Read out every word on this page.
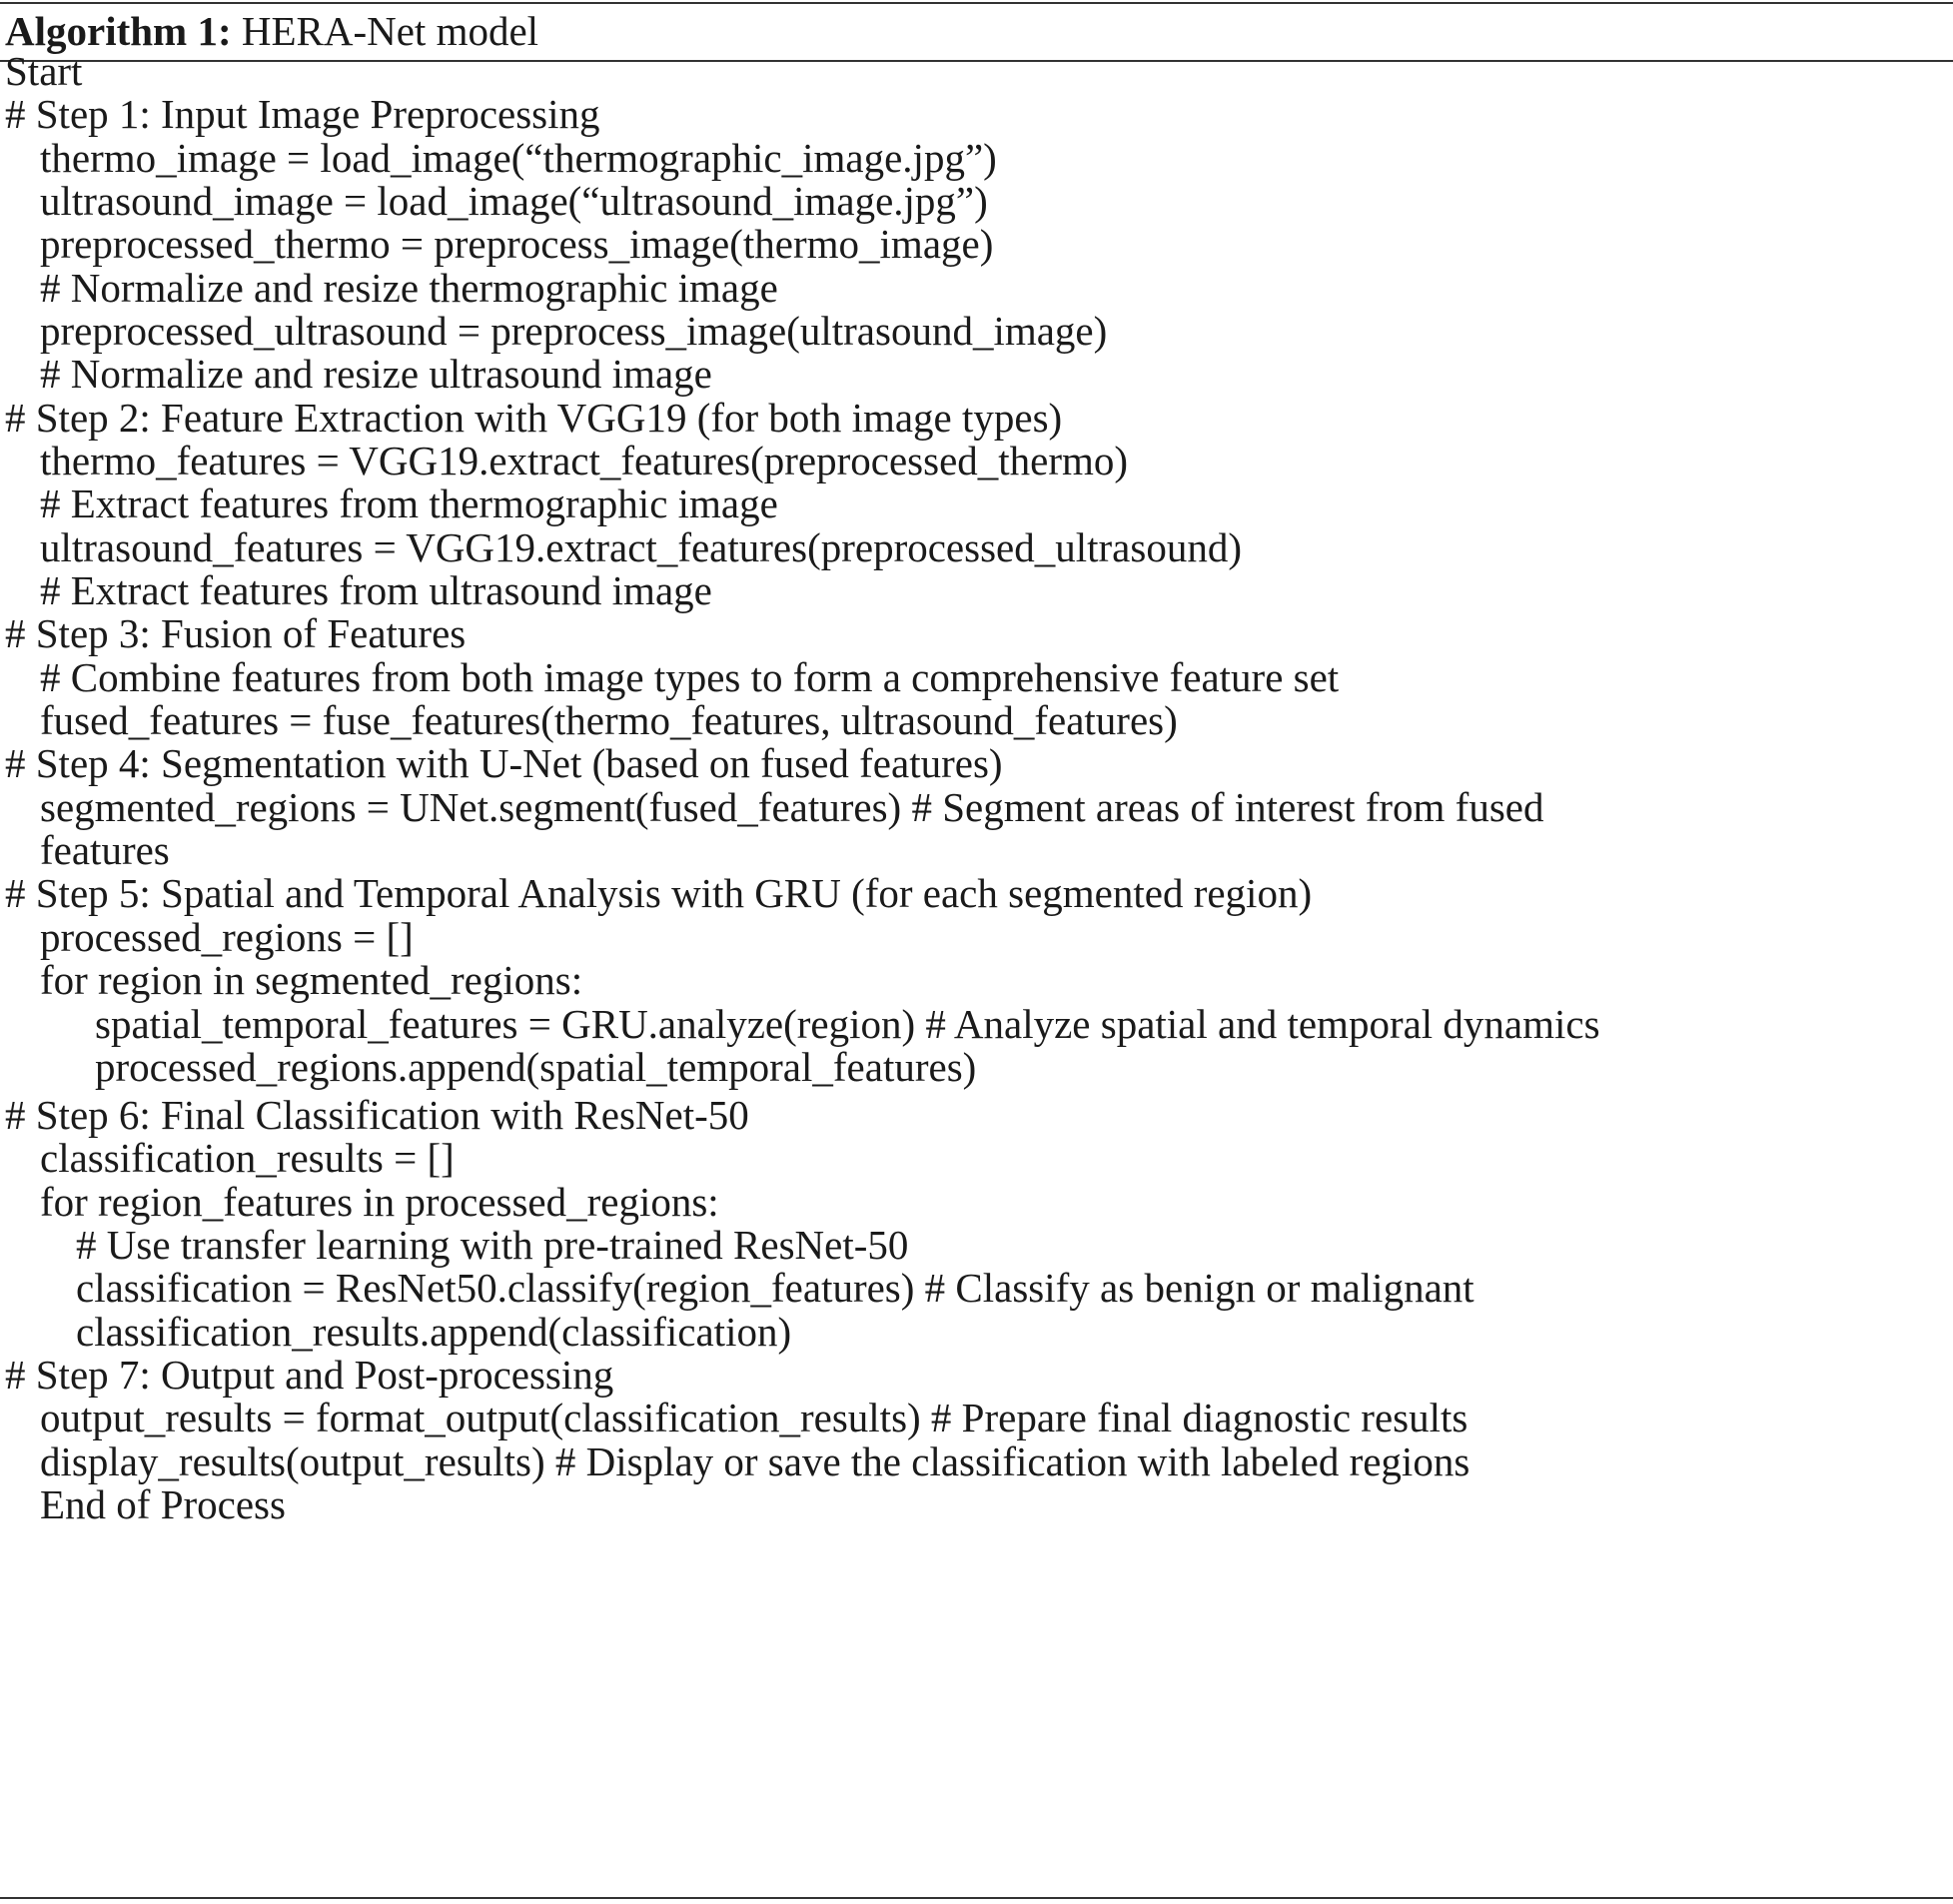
Algorithm 1: HERA-Net model
Start
# Step 1: Input Image Preprocessing
thermo_image = load_image(“thermographic_image.jpg”)
ultrasound_image = load_image(“ultrasound_image.jpg”)
preprocessed_thermo = preprocess_image(thermo_image)
# Normalize and resize thermographic image
preprocessed_ultrasound = preprocess_image(ultrasound_image)
# Normalize and resize ultrasound image
# Step 2: Feature Extraction with VGG19 (for both image types)
thermo_features = VGG19.extract_features(preprocessed_thermo)
# Extract features from thermographic image
ultrasound_features = VGG19.extract_features(preprocessed_ultrasound)
# Extract features from ultrasound image
# Step 3: Fusion of Features
# Combine features from both image types to form a comprehensive feature set
fused_features = fuse_features(thermo_features, ultrasound_features)
# Step 4: Segmentation with U-Net (based on fused features)
segmented_regions = UNet.segment(fused_features) # Segment areas of interest from fused
features
# Step 5: Spatial and Temporal Analysis with GRU (for each segmented region)
processed_regions = []
for region in segmented_regions:
spatial_temporal_features = GRU.analyze(region) # Analyze spatial and temporal dynamics
processed_regions.append(spatial_temporal_features)
# Step 6: Final Classification with ResNet-50
classification_results = []
for region_features in processed_regions:
# Use transfer learning with pre-trained ResNet-50
classification = ResNet50.classify(region_features) # Classify as benign or malignant
classification_results.append(classification)
# Step 7: Output and Post-processing
output_results = format_output(classification_results) # Prepare final diagnostic results
display_results(output_results) # Display or save the classification with labeled regions
End of Process
